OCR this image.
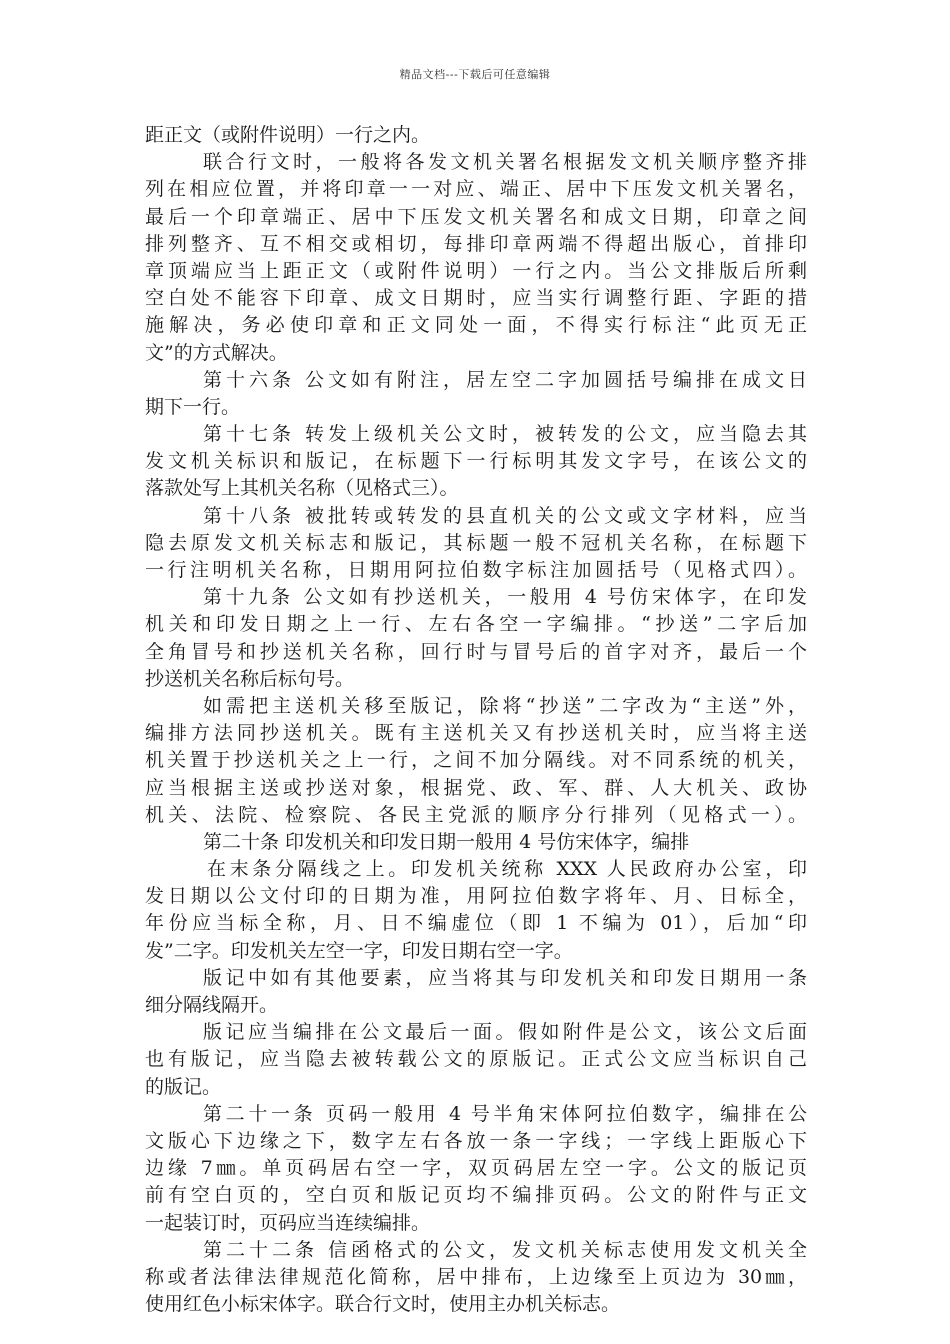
精品文档---下载后可任意编辑
距正文（或附件说明）一行之内。
联合行文时，一般将各发文机关署名根据发文机关顺序整齐排
列在相应位置，并将印章一一对应、端正、居中下压发文机关署名，
最后一个印章端正、居中下压发文机关署名和成文日期，印章之间
排列整齐、互不相交或相切，每排印章两端不得超出版心，首排印
章顶端应当上距正文（或附件说明）一行之内。当公文排版后所剩
空白处不能容下印章、成文日期时，应当实行调整行距、字距的措
施解决，务必使印章和正文同处一面，不得实行标注“此页无正
文”的方式解决。
第十六条 公文如有附注，居左空二字加圆括号编排在成文日
期下一行。
第十七条 转发上级机关公文时，被转发的公文，应当隐去其
发文机关标识和版记，在标题下一行标明其发文字号，在该公文的
落款处写上其机关名称（见格式三）。
第十八条 被批转或转发的县直机关的公文或文字材料，应当
隐去原发文机关标志和版记，其标题一般不冠机关名称，在标题下
一行注明机关名称，日期用阿拉伯数字标注加圆括号（见格式四）。
第十九条 公文如有抄送机关，一般用 4 号仿宋体字，在印发
机关和印发日期之上一行、左右各空一字编排。“抄送”二字后加
全角冒号和抄送机关名称，回行时与冒号后的首字对齐，最后一个
抄送机关名称后标句号。
如需把主送机关移至版记，除将“抄送”二字改为“主送”外，
编排方法同抄送机关。既有主送机关又有抄送机关时，应当将主送
机关置于抄送机关之上一行，之间不加分隔线。对不同系统的机关，
应当根据主送或抄送对象，根据党、政、军、群、人大机关、政协
机关、法院、检察院、各民主党派的顺序分行排列（见格式一）。
第二十条 印发机关和印发日期一般用 4 号仿宋体字，编排
在末条分隔线之上。印发机关统称 XXX 人民政府办公室，印
发日期以公文付印的日期为准，用阿拉伯数字将年、月、日标全，
年份应当标全称，月、日不编虚位（即 1 不编为 01），后加“印
发”二字。印发机关左空一字，印发日期右空一字。
版记中如有其他要素，应当将其与印发机关和印发日期用一条
细分隔线隔开。
版记应当编排在公文最后一面。假如附件是公文，该公文后面
也有版记，应当隐去被转载公文的原版记。正式公文应当标识自己
的版记。
第二十一条 页码一般用 4 号半角宋体阿拉伯数字，编排在公
文版心下边缘之下，数字左右各放一条一字线；一字线上距版心下
边缘 7㎜。单页码居右空一字，双页码居左空一字。公文的版记页
前有空白页的，空白页和版记页均不编排页码。公文的附件与正文
一起装订时，页码应当连续编排。
第二十二条 信函格式的公文，发文机关标志使用发文机关全
称或者法律法律规范化简称，居中排布，上边缘至上页边为 30㎜，
使用红色小标宋体字。联合行文时，使用主办机关标志。
